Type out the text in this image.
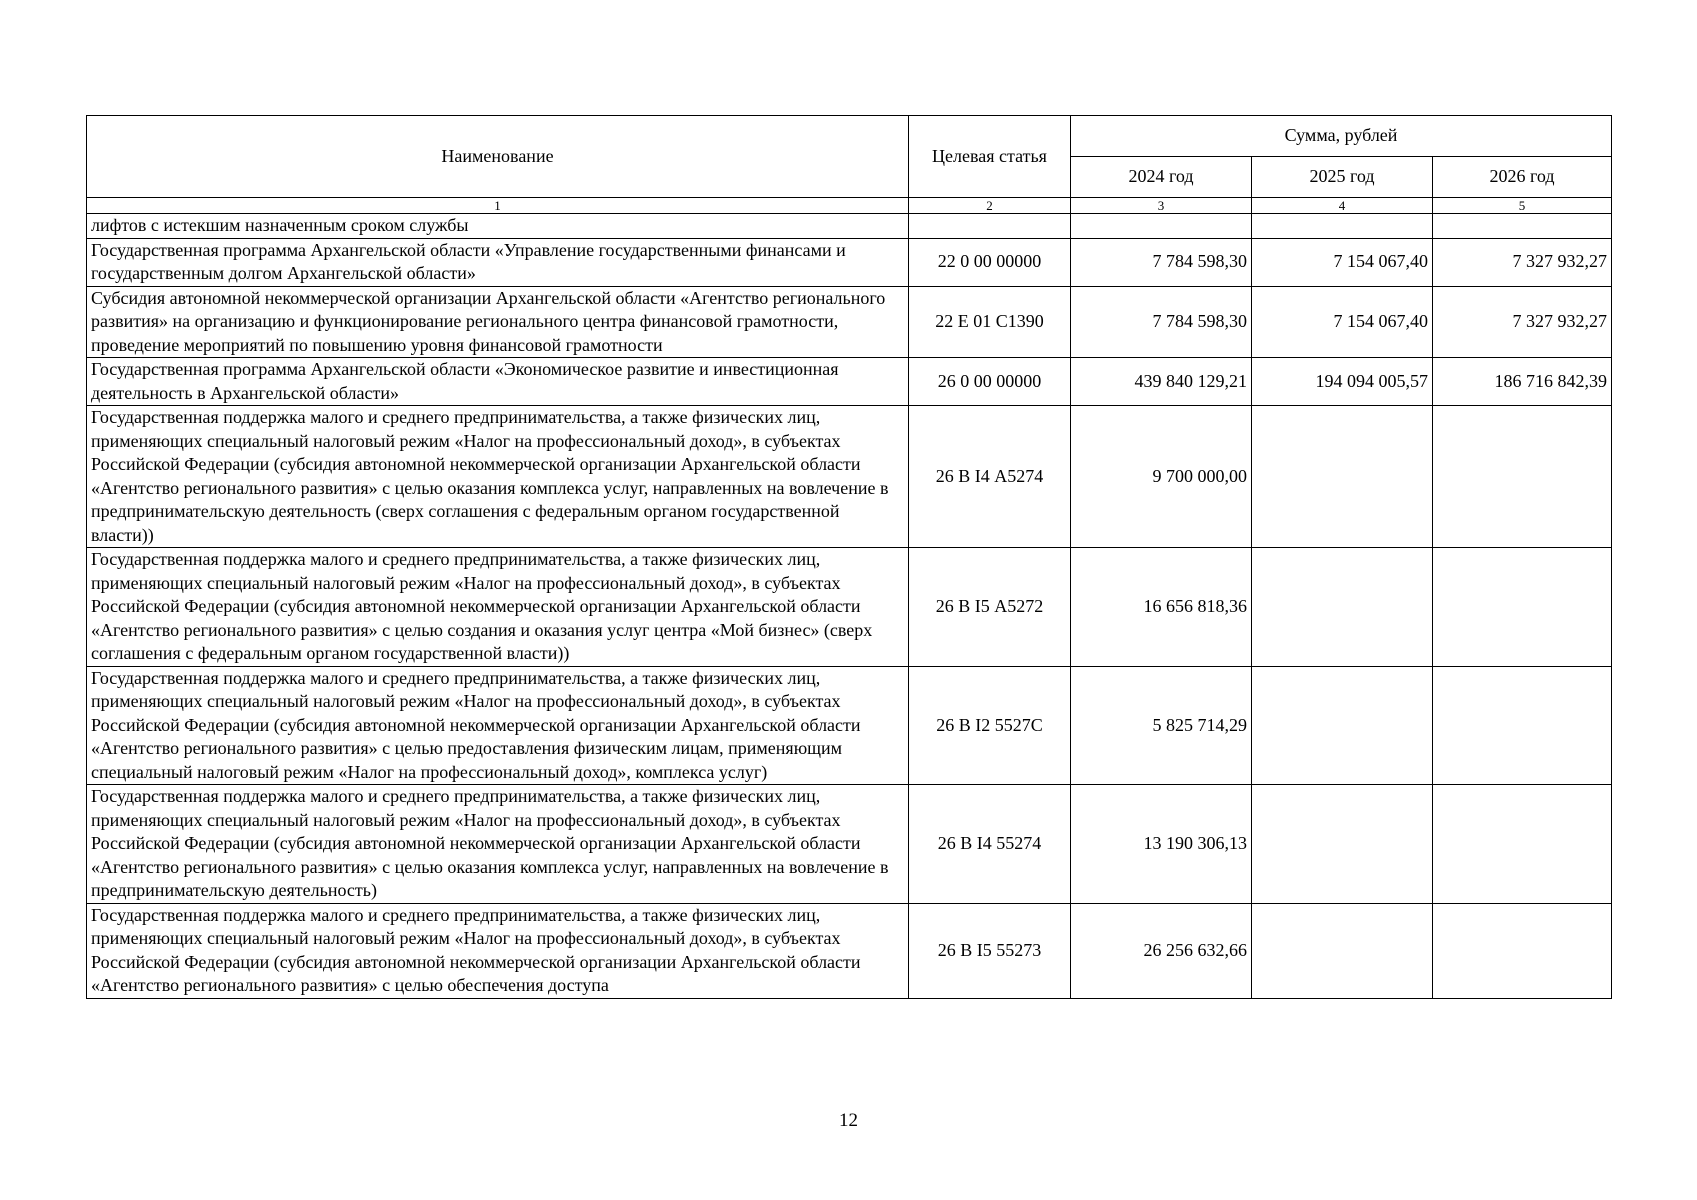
Наименование	Целевая статья	Сумма, рублей		
		2024 год	2025 год	2026 год
1	2	3	4	5
лифтов с истекшим назначенным сроком службы				
Государственная программа Архангельской области «Управление государственными финансами и государственным долгом Архангельской области»	22 0 00 00000	7 784 598,30	7 154 067,40	7 327 932,27
Субсидия автономной некоммерческой организации Архангельской области «Агентство регионального развития» на организацию и функционирование регионального центра финансовой грамотности, проведение мероприятий по повышению уровня финансовой грамотности	22 Е 01 С1390	7 784 598,30	7 154 067,40	7 327 932,27
Государственная программа Архангельской области «Экономическое развитие и инвестиционная деятельность в Архангельской области»	26 0 00 00000	439 840 129,21	194 094 005,57	186 716 842,39
Государственная поддержка малого и среднего предпринимательства, а также физических лиц, применяющих специальный налоговый режим «Налог на профессиональный доход», в субъектах Российской Федерации (субсидия автономной некоммерческой организации Архангельской области «Агентство регионального развития» с целью оказания комплекса услуг, направленных на вовлечение в предпринимательскую деятельность (сверх соглашения с федеральным органом государственной власти))	26 В I4 А5274	9 700 000,00		
Государственная поддержка малого и среднего предпринимательства, а также физических лиц, применяющих специальный налоговый режим «Налог на профессиональный доход», в субъектах Российской Федерации (субсидия автономной некоммерческой организации Архангельской области «Агентство регионального развития» с целью создания и оказания услуг центра «Мой бизнес» (сверх соглашения с федеральным органом государственной власти))	26 В I5 А5272	16 656 818,36		
Государственная поддержка малого и среднего предпринимательства, а также физических лиц, применяющих специальный налоговый режим «Налог на профессиональный доход», в субъектах Российской Федерации (субсидия автономной некоммерческой организации Архангельской области «Агентство регионального развития» с целью предоставления физическим лицам, применяющим специальный налоговый режим «Налог на профессиональный доход», комплекса услуг)	26 В I2 5527С	5 825 714,29		
Государственная поддержка малого и среднего предпринимательства, а также физических лиц, применяющих специальный налоговый режим «Налог на профессиональный доход», в субъектах Российской Федерации (субсидия автономной некоммерческой организации Архангельской области «Агентство регионального развития» с целью оказания комплекса услуг, направленных на вовлечение в предпринимательскую деятельность)	26 В I4 55274	13 190 306,13		
Государственная поддержка малого и среднего предпринимательства, а также физических лиц, применяющих специальный налоговый режим «Налог на профессиональный доход», в субъектах Российской Федерации (субсидия автономной некоммерческой организации Архангельской области «Агентство регионального развития» с целью обеспечения доступа	26 В I5 55273	26 256 632,66		
12
